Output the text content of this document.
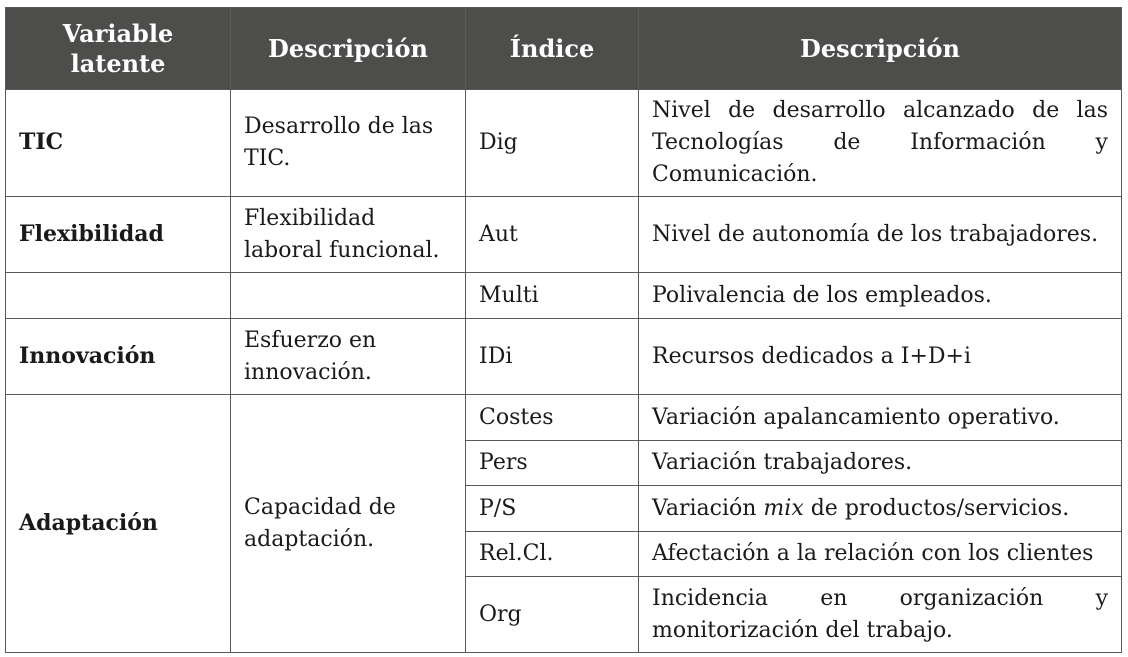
Variable latente	Descripción	Índice	Descripción
TIC	Desarrollo de las TIC.	Dig	Nivel de desarrollo alcanzado de las Tecnologías de Información y Comunicación.
Flexibilidad	Flexibilidad laboral funcional.	Aut	Nivel de autonomía de los trabajadores.
		Multi	Polivalencia de los empleados.
Innovación	Esfuerzo en innovación.	IDi	Recursos dedicados a I+D+i
Adaptación	Capacidad de adaptación.	Costes	Variación apalancamiento operativo.
		Pers	Variación trabajadores.
		P/S	Variación mix de productos/servicios.
		Rel.Cl.	Afectación a la relación con los clientes
		Org	Incidencia en organización y monitorización del trabajo.
